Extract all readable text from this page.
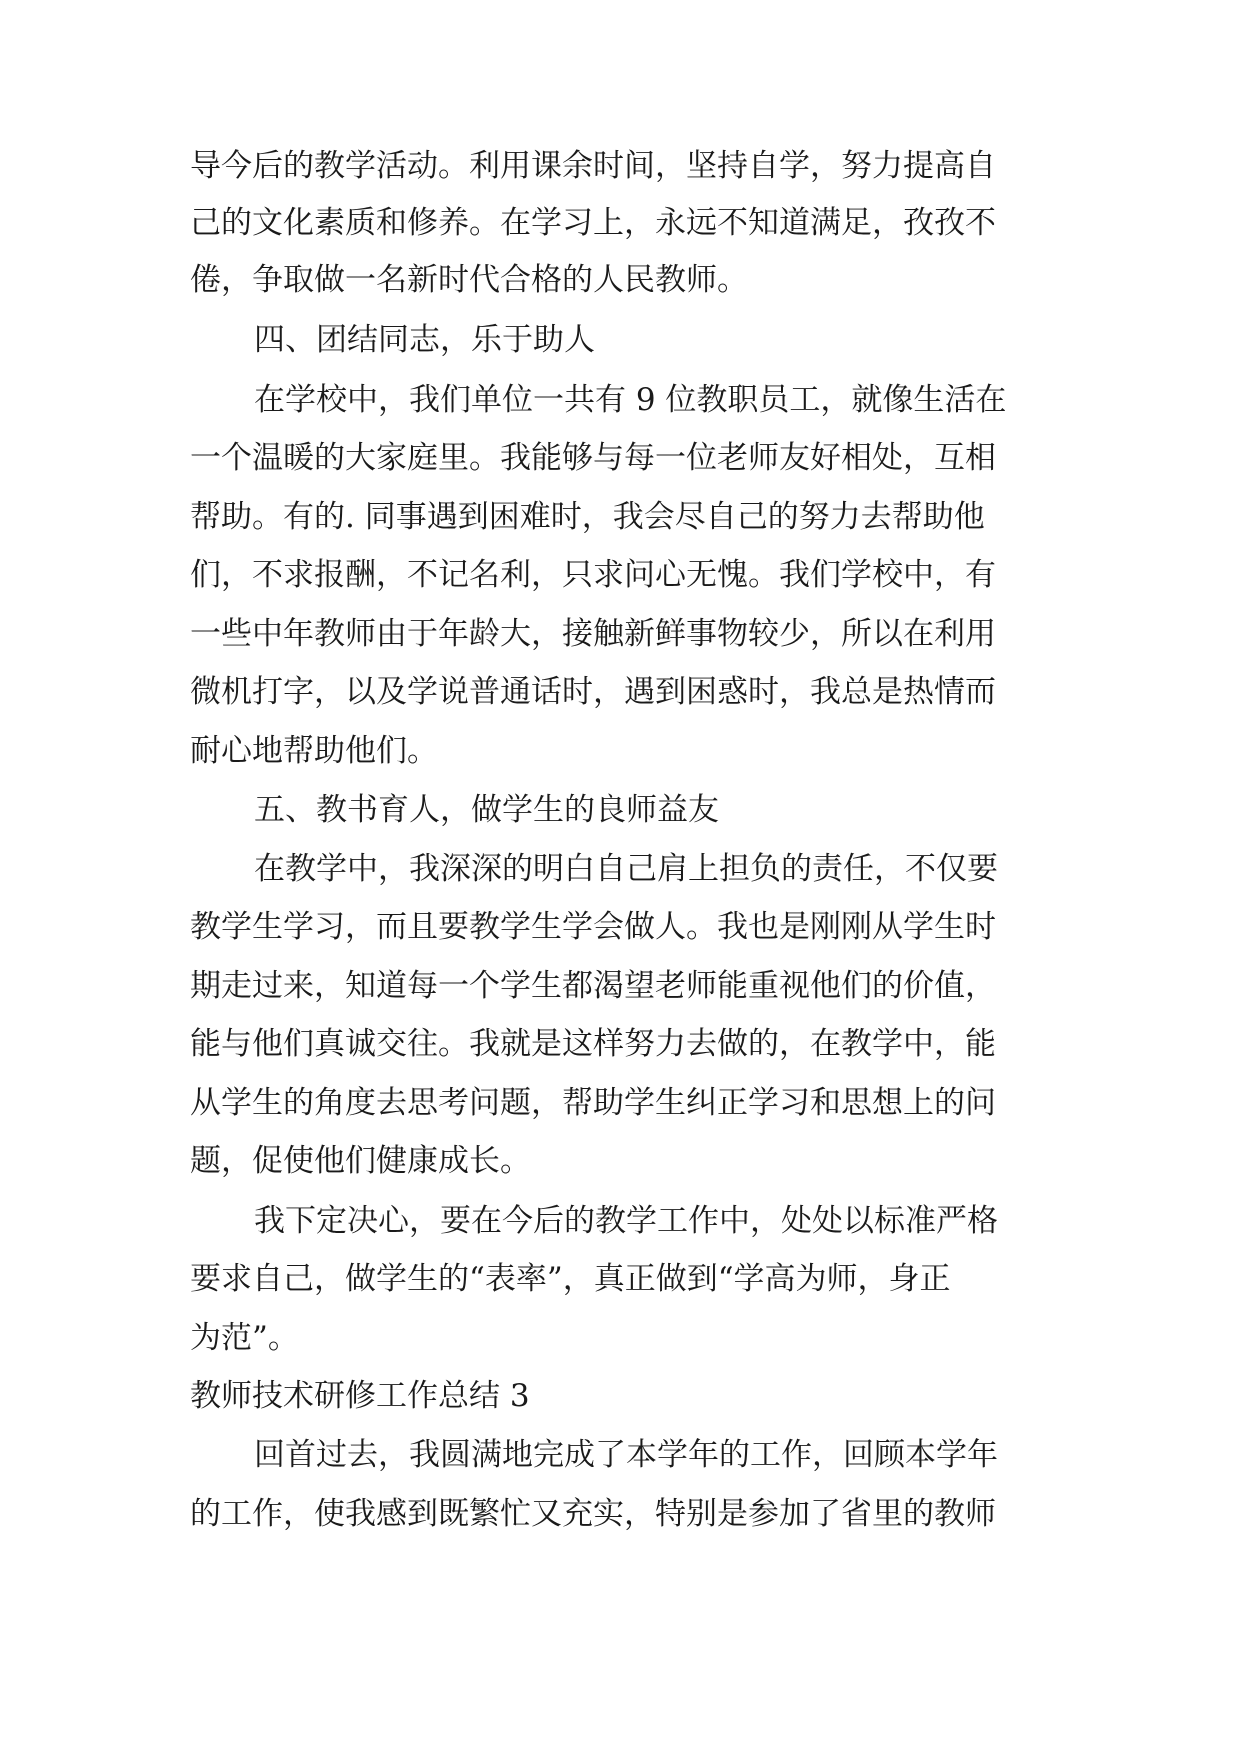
导今后的教学活动。利用课余时间，坚持自学，努力提高自
己的文化素质和修养。在学习上，永远不知道满足，孜孜不
倦，争取做一名新时代合格的人民教师。
四、团结同志，乐于助人
在学校中，我们单位一共有 9 位教职员工，就像生活在
一个温暖的大家庭里。我能够与每一位老师友好相处，互相
帮助。有的. 同事遇到困难时，我会尽自己的努力去帮助他
们，不求报酬，不记名利，只求问心无愧。我们学校中，有
一些中年教师由于年龄大，接触新鲜事物较少，所以在利用
微机打字，以及学说普通话时，遇到困惑时，我总是热情而
耐心地帮助他们。
五、教书育人，做学生的良师益友
在教学中，我深深的明白自己肩上担负的责任，不仅要
教学生学习，而且要教学生学会做人。我也是刚刚从学生时
期走过来，知道每一个学生都渴望老师能重视他们的价值，
能与他们真诚交往。我就是这样努力去做的，在教学中，能
从学生的角度去思考问题，帮助学生纠正学习和思想上的问
题，促使他们健康成长。
我下定决心，要在今后的教学工作中，处处以标准严格
要求自己，做学生的“表率”，真正做到“学高为师，身正
为范”。
教师技术研修工作总结 3
回首过去，我圆满地完成了本学年的工作，回顾本学年
的工作，使我感到既繁忙又充实，特别是参加了省里的教师
